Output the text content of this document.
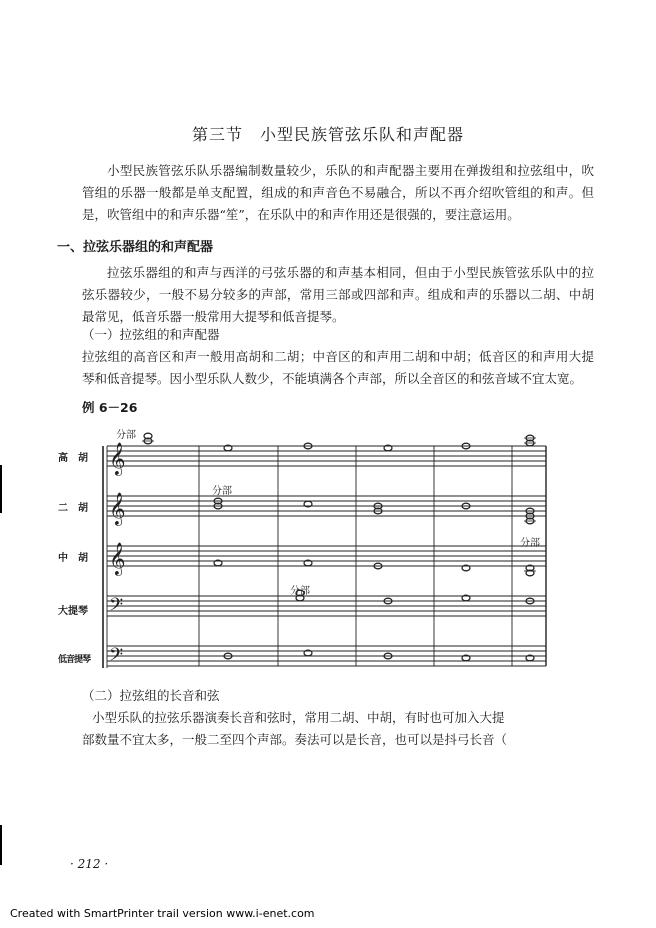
第三节　小型民族管弦乐队和声配器

小型民族管弦乐队乐器编制数量较少，乐队的和声配器主要用在弹拨组和拉弦组中，吹管组的乐器一般都是单支配置，组成的和声音色不易融合，所以不再介绍吹管组的和声。但是，吹管组中的和声乐器“笙”，在乐队中的和声作用还是很强的，要注意运用。

一、拉弦乐器组的和声配器

拉弦乐器组的和声与西洋的弓弦乐器的和声基本相同，但由于小型民族管弦乐队中的拉弦乐器较少，一般不易分较多的声部，常用三部或四部和声。组成和声的乐器以二胡、中胡最常见，低音乐器一般常用大提琴和低音提琴。

（一）拉弦组的和声配器

拉弦组的高音区和声一般用高胡和二胡；中音区的和声用二胡和中胡；低音区的和声用大提琴和低音提琴。因小型乐队人数少，不能填满各个声部，所以全音区的和弦音域不宜太宽。

例 6－26
𝄞
𝄞
𝄞
𝄢
𝄢
高　胡
二　胡
中　胡
大提琴
低音提琴
分部
分部
分部
分部
（二）拉弦组的长音和弦
小型乐队的拉弦乐器演奏长音和弦时，常用二胡、中胡，有时也可加入大提
部数量不宜太多，一般二至四个声部。奏法可以是长音，也可以是抖弓长音（
· 212 ·
Created with SmartPrinter trail version www.i-enet.com
